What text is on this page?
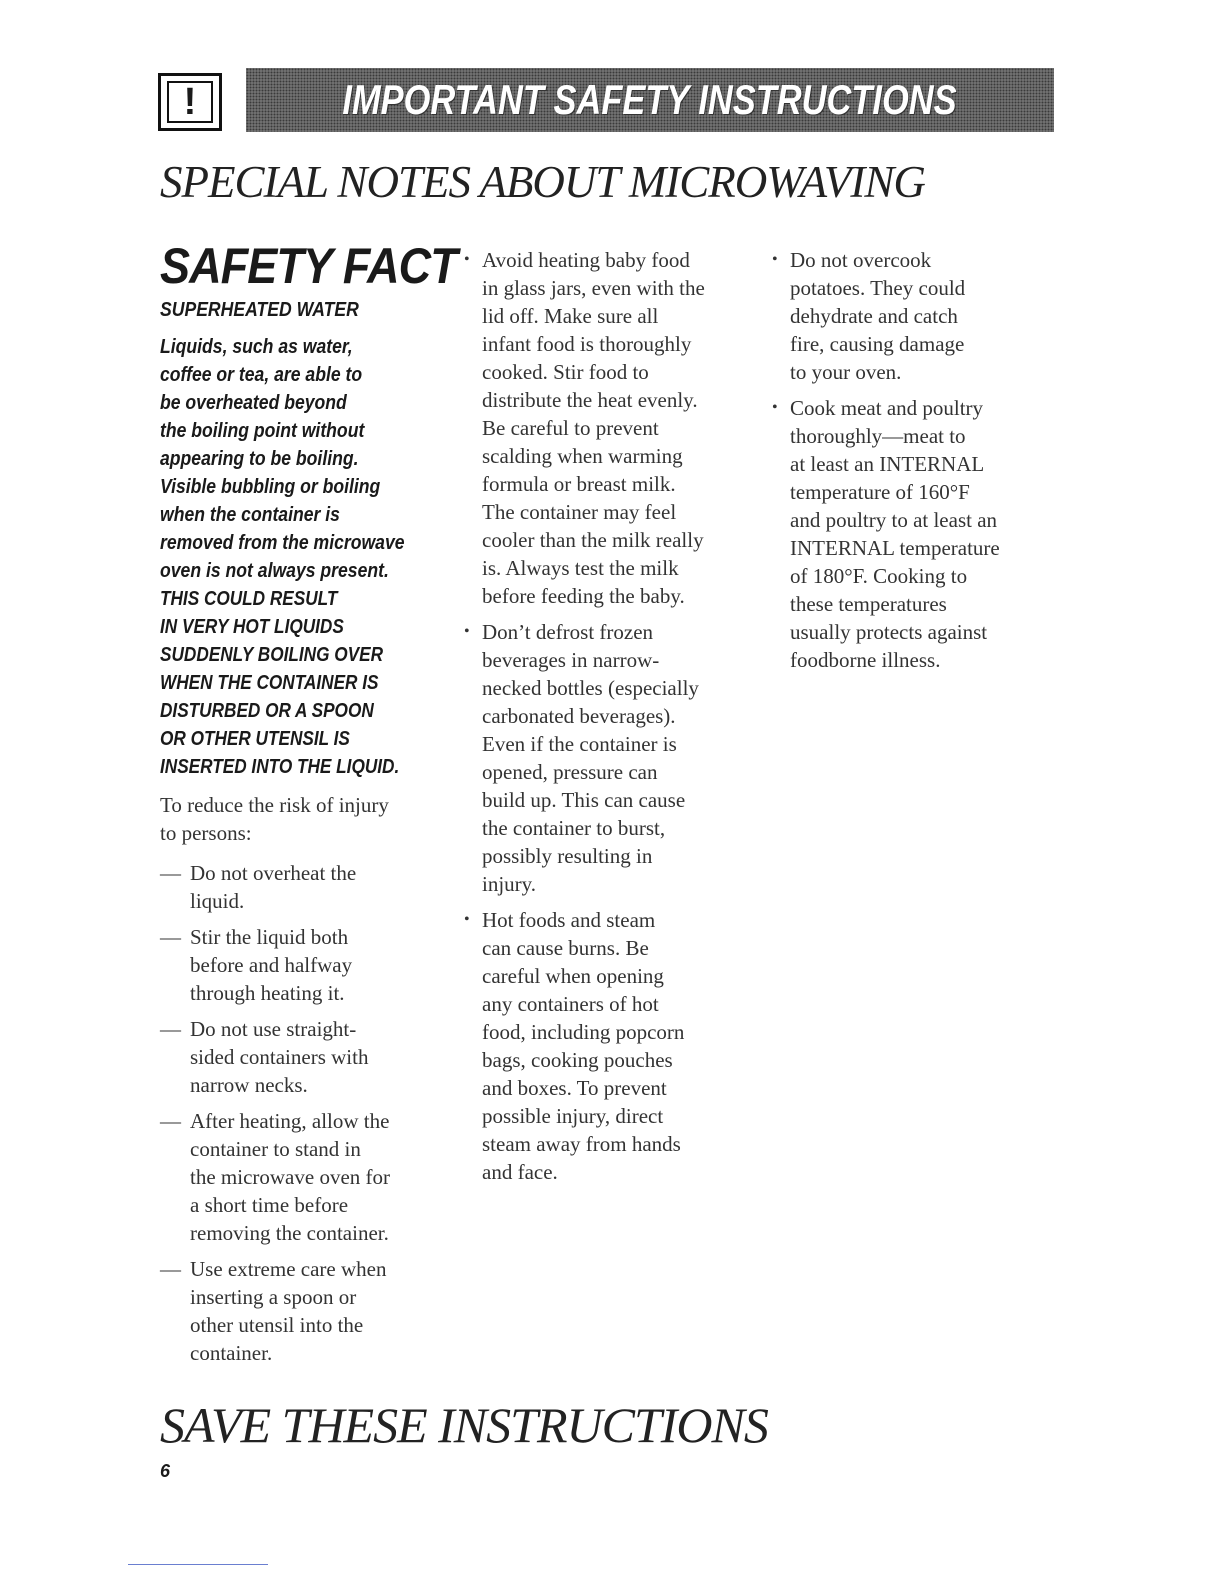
!	IMPORTANT SAFETY INSTRUCTIONS
SPECIAL NOTES ABOUT MICROWAVING
SAFETY FACT
SUPERHEATED WATER
Liquids, such as water,
coffee or tea, are able to
be overheated beyond
the boiling point without
appearing to be boiling.
Visible bubbling or boiling
when the container is
removed from the microwave
oven is not always present.
THIS COULD RESULT
IN VERY HOT LIQUIDS
SUDDENLY BOILING OVER
WHEN THE CONTAINER IS
DISTURBED OR A SPOON
OR OTHER UTENSIL IS
INSERTED INTO THE LIQUID.
To reduce the risk of injury
to persons:
— Do not overheat the
liquid.
— Stir the liquid both
before and halfway
through heating it.
— Do not use straight-
sided containers with
narrow necks.
— After heating, allow the
container to stand in
the microwave oven for
a short time before
removing the container.
— Use extreme care when
inserting a spoon or
other utensil into the
container.
• Avoid heating baby food
in glass jars, even with the
lid off. Make sure all
infant food is thoroughly
cooked. Stir food to
distribute the heat evenly.
Be careful to prevent
scalding when warming
formula or breast milk.
The container may feel
cooler than the milk really
is. Always test the milk
before feeding the baby.
• Don’t defrost frozen
beverages in narrow-
necked bottles (especially
carbonated beverages).
Even if the container is
opened, pressure can
build up. This can cause
the container to burst,
possibly resulting in
injury.
• Hot foods and steam
can cause burns. Be
careful when opening
any containers of hot
food, including popcorn
bags, cooking pouches
and boxes. To prevent
possible injury, direct
steam away from hands
and face.
• Do not overcook
potatoes. They could
dehydrate and catch
fire, causing damage
to your oven.
• Cook meat and poultry
thoroughly—meat to
at least an INTERNAL
temperature of 160°F
and poultry to at least an
INTERNAL temperature
of 180°F. Cooking to
these temperatures
usually protects against
foodborne illness.
SAVE THESE INSTRUCTIONS
6
